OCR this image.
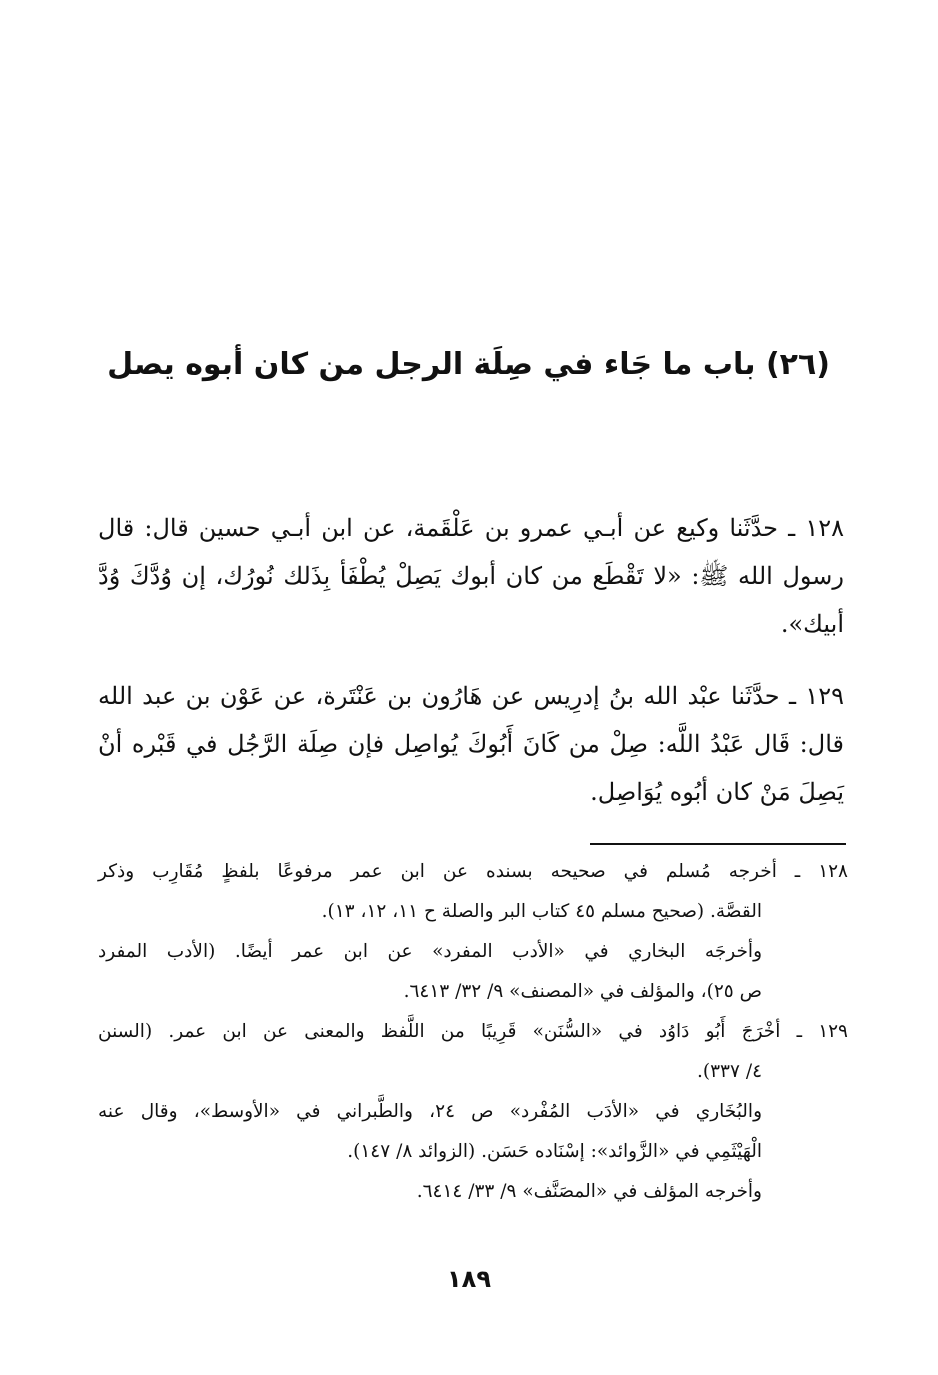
(٢٦) باب ما جَاء في صِلَة الرجل من كان أبوه يصل

١٢٨ ـ حدَّثَنا وكيع عن أبـي عمرو بن عَلْقَمة، عن ابن أبـي حسين قال: قال رسول الله ﷺ: «لا تَقْطَع من كان أبوك يَصِلْ يُطْفَأ بِذَلك نُورُك، إن وُدَّكَ وُدَّ أبيك».

١٢٩ ـ حدَّثَنا عبْد الله بنُ إدرِيس عن هَارُون بن عَنْتَرة، عن عَوْن بن عبد الله قال: قَال عَبْدُ اللَّه: صِلْ من كَانَ أَبُوكَ يُواصِل فإن صِلَة الرَّجُل في قَبْره أنْ يَصِلَ مَنْ كان أبُوه يُوَاصِل.

١٢٨ ـ أخرجه مُسلم في صحيحه بسنده عن ابن عمر مرفوعًا بلفظٍ مُقَارِب وذكر
القصَّة. (صحيح مسلم ٤٥ كتاب البر والصلة ح ١١، ١٢، ١٣).
وأخرجَه البخاري في «الأدب المفرد» عن ابن عمر أيضًا. (الأدب المفرد
ص ٢٥)، والمؤلف في «المصنف» ٩/ ٣٢/ ٦٤١٣.
١٢٩ ـ أخْرَجَ أَبُو دَاوُد في «السُّنَن» قَرِيبًا من اللَّفظ والمعنى عن ابن عمر. (السنن
٤/ ٣٣٧).
والبُخَاري في «الأدَب المُفْرد» ص ٢٤، والطَّبراني في «الأوسط»، وقال عنه
الْهَيْثَمِي في «الزَّوائد»: إسْنَاده حَسَن. (الزوائد ٨/ ١٤٧).
وأخرجه المؤلف في «المصَنَّف» ٩/ ٣٣/ ٦٤١٤.
١٨٩
